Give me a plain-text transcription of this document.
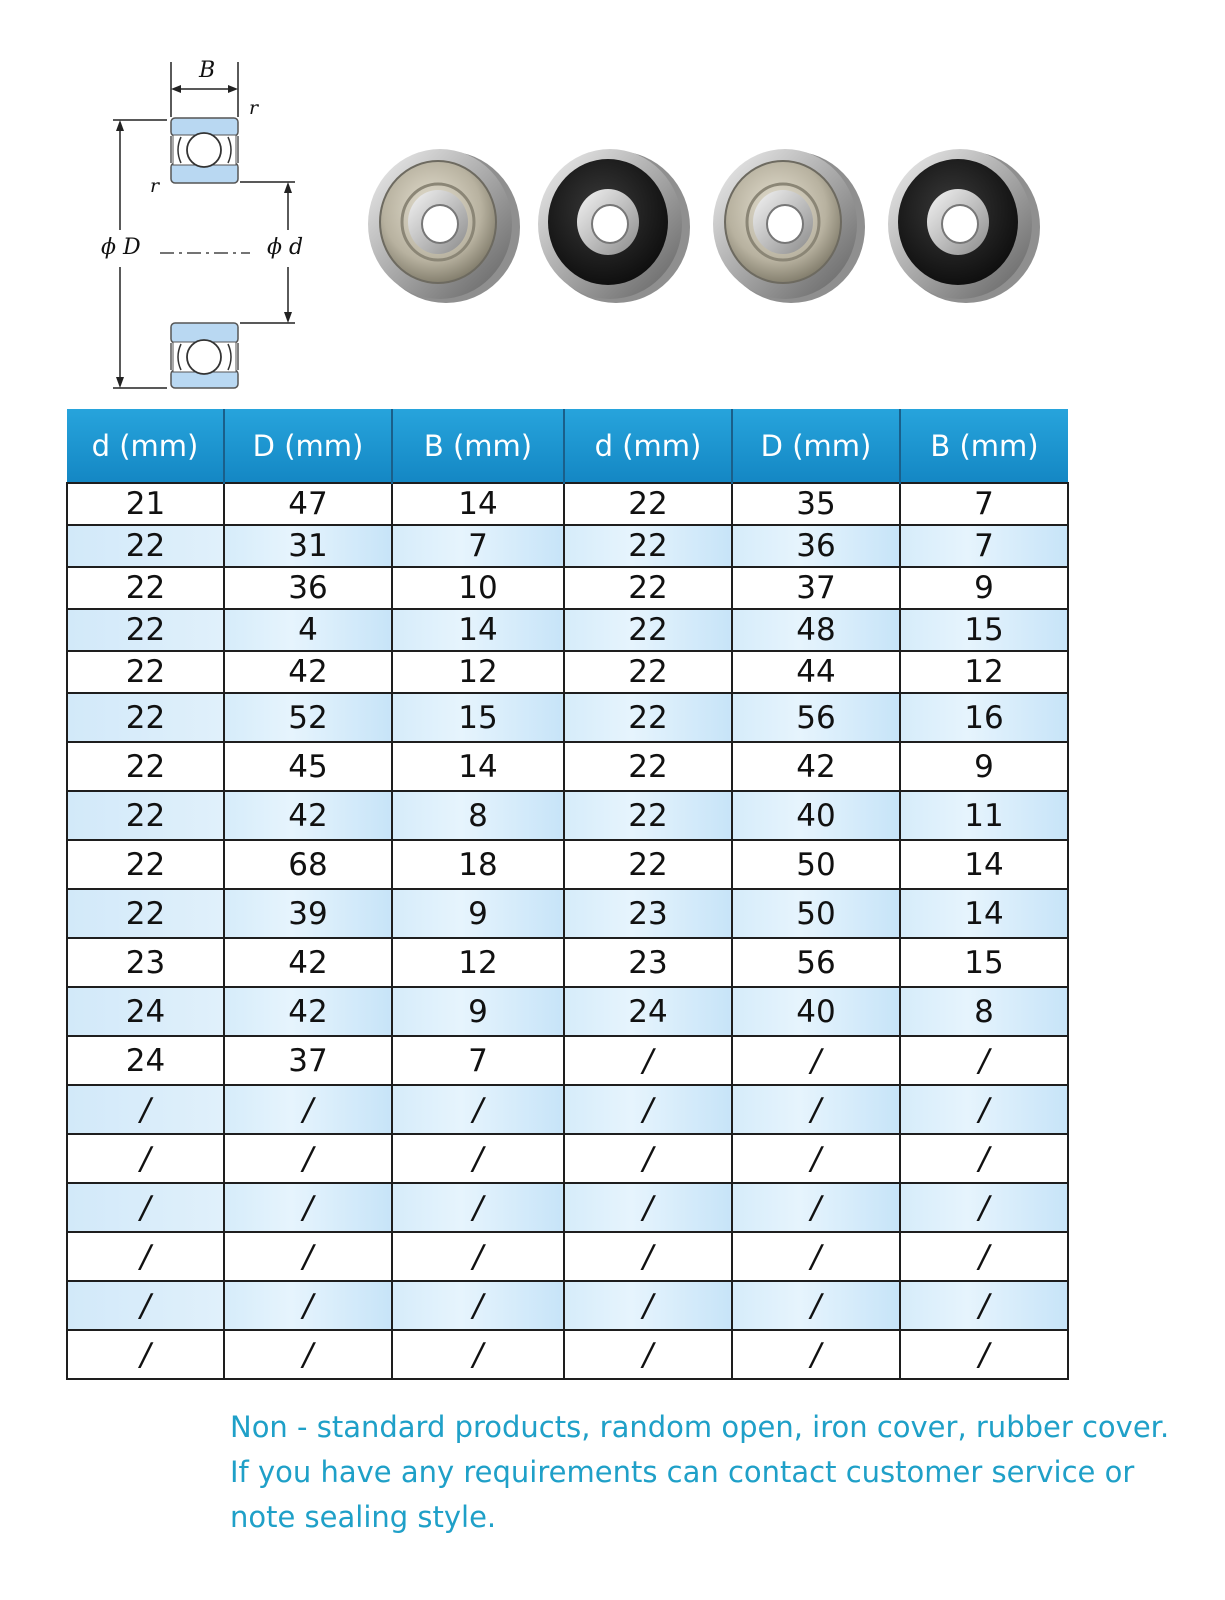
B
r
r
ϕ D	ϕ d
d (mm)	D (mm)	B (mm)	d (mm)	D (mm)	B (mm)
21	47	14	22	35	7
22	31	7	22	36	7
22	36	10	22	37	9
22	4	14	22	48	15
22	42	12	22	44	12
22	52	15	22	56	16
22	45	14	22	42	9
22	42	8	22	40	11
22	68	18	22	50	14
22	39	9	23	50	14
23	42	12	23	56	15
24	42	9	24	40	8
24	37	7	/	/	/
/	/	/	/	/	/
/	/	/	/	/	/
/	/	/	/	/	/
/	/	/	/	/	/
/	/	/	/	/	/
/	/	/	/	/	/

Non - standard products, random open, iron cover, rubber cover. If you have any requirements can contact customer service or note sealing style.
